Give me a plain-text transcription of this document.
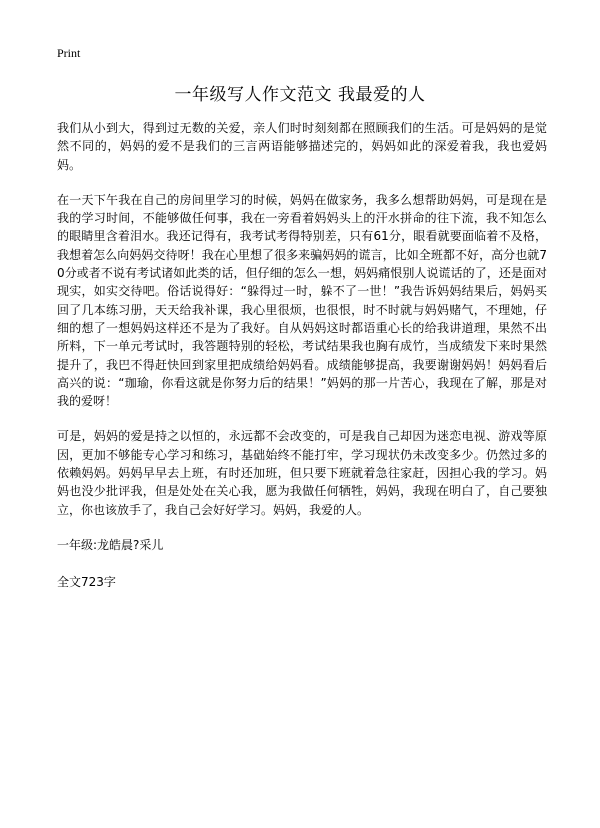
Print
一年级写人作文范文 我最爱的人

我们从小到大，得到过无数的关爱，亲人们时时刻刻都在照顾我们的生活。可是妈妈的是觉然不同的，妈妈的爱不是我们的三言两语能够描述完的，妈妈如此的深爱着我，我也爱妈妈。

在一天下午我在自己的房间里学习的时候，妈妈在做家务，我多么想帮助妈妈，可是现在是我的学习时间，不能够做任何事，我在一旁看着妈妈头上的汗水拼命的往下流，我不知怎么的眼睛里含着泪水。我还记得有，我考试考得特别差，只有61分，眼看就要面临着不及格，我想着怎么向妈妈交待呀！我在心里想了很多来骗妈妈的谎言，比如全班都不好，高分也就70分或者不说有考试诸如此类的话，但仔细的怎么一想，妈妈痛恨别人说谎话的了，还是面对现实，如实交待吧。俗话说得好：“躲得过一时，躲不了一世！”我告诉妈妈结果后，妈妈买回了几本练习册，天天给我补课，我心里很烦，也很恨，时不时就与妈妈赌气，不理她，仔细的想了一想妈妈这样还不是为了我好。自从妈妈这时都语重心长的给我讲道理，果然不出所料，下一单元考试时，我答题特别的轻松，考试结果我也胸有成竹，当成绩发下来时果然提升了，我巴不得赶快回到家里把成绩给妈妈看。成绩能够提高，我要谢谢妈妈！妈妈看后高兴的说：“珈瑜，你看这就是你努力后的结果！”妈妈的那一片苦心，我现在了解，那是对我的爱呀！

可是，妈妈的爱是持之以恒的，永远都不会改变的，可是我自己却因为迷恋电视、游戏等原因，更加不够能专心学习和练习，基础始终不能打牢，学习现状仍未改变多少。仍然过多的依赖妈妈。妈妈早早去上班，有时还加班，但只要下班就着急往家赶，因担心我的学习。妈妈也没少批评我，但是处处在关心我，愿为我做任何牺牲，妈妈，我现在明白了，自己要独立，你也该放手了，我自己会好好学习。妈妈，我爱的人。

一年级:龙皓晨?采儿

全文723字
